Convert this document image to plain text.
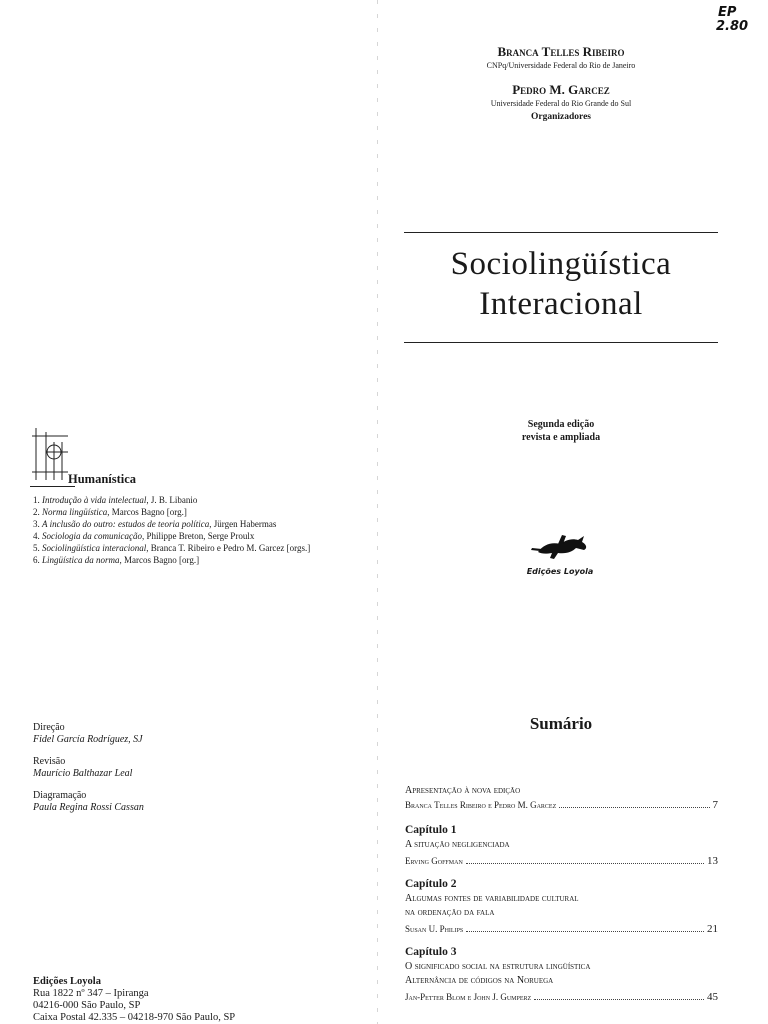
EP
2.80
Branca Telles Ribeiro
CNPq/Universidade Federal do Rio de Janeiro
Pedro M. Garcez
Universidade Federal do Rio Grande do Sul
Organizadores
Sociolingüística
Interacional
Segunda edição
revista e ampliada
Edições Loyola
Humanística
1. Introdução à vida intelectual, J. B. Libanio
2. Norma lingüística, Marcos Bagno [org.]
3. A inclusão do outro: estudos de teoria política, Jürgen Habermas
4. Sociologia da comunicação, Philippe Breton, Serge Proulx
5. Sociolingüística interacional, Branca T. Ribeiro e Pedro M. Garcez [orgs.]
6. Lingüística da norma, Marcos Bagno [org.]
Direção
Fidel García Rodríguez, SJ
Revisão
Maurício Balthazar Leal
Diagramação
Paula Regina Rossi Cassan
Edições Loyola
Rua 1822 nº 347 – Ipiranga
04216-000 São Paulo, SP
Caixa Postal 42.335 – 04218-970 São Paulo, SP
Sumário
Apresentação à nova edição
Branca Telles Ribeiro e Pedro M. Garcez	7
Capítulo 1
A situação negligenciada
Erving Goffman	13
Capítulo 2
Algumas fontes de variabilidade cultural
na ordenação da fala
Susan U. Philips	21
Capítulo 3
O significado social na estrutura lingüística
Alternância de códigos na Noruega
Jan-Petter Blom e John J. Gumperz	45
